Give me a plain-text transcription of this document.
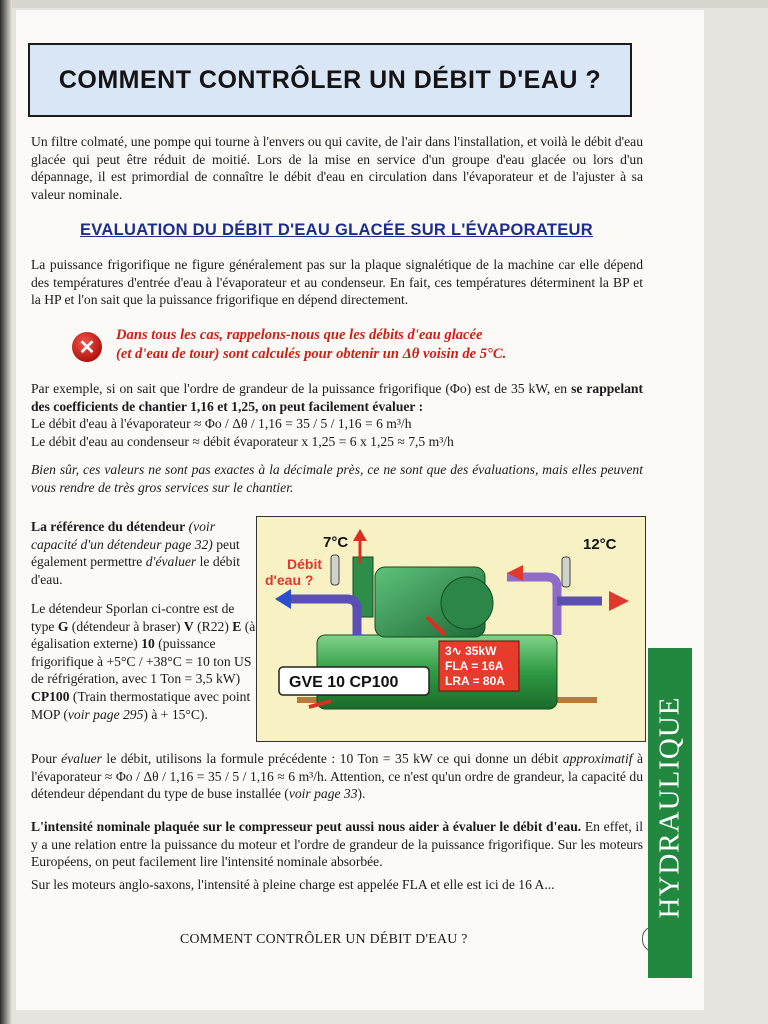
COMMENT CONTRÔLER UN DÉBIT D'EAU ?
Un filtre colmaté, une pompe qui tourne à l'envers ou qui cavite, de l'air dans l'installation, et voilà le débit d'eau glacée qui peut être réduit de moitié. Lors de la mise en service d'un groupe d'eau glacée ou lors d'un dépannage, il est primordial de connaître le débit d'eau en circulation dans l'évaporateur et de l'ajuster à sa valeur nominale.
EVALUATION DU DÉBIT D'EAU GLACÉE SUR L'ÉVAPORATEUR
La puissance frigorifique ne figure généralement pas sur la plaque signalétique de la machine car elle dépend des températures d'entrée d'eau à l'évaporateur et au condenseur. En fait, ces températures déterminent la BP et la HP et l'on sait que la puissance frigorifique en dépend directement.
✕
Dans tous les cas, rappelons-nous que les débits d'eau glacée
(et d'eau de tour) sont calculés pour obtenir un Δθ voisin de 5°C.
Par exemple, si on sait que l'ordre de grandeur de la puissance frigorifique (Φo) est de 35 kW, en se rappelant des coefficients de chantier 1,16 et 1,25, on peut facilement évaluer :
Le débit d'eau à l'évaporateur ≈ Φo / Δθ / 1,16 = 35 / 5 / 1,16 = 6 m³/h
Le débit d'eau au condenseur ≈ débit évaporateur x 1,25 = 6 x 1,25 ≈ 7,5 m³/h
Bien sûr, ces valeurs ne sont pas exactes à la décimale près, ce ne sont que des évaluations, mais elles peuvent vous rendre de très gros services sur le chantier.
La référence du détendeur (voir capacité d'un détendeur page 32) peut également permettre d'évaluer le débit d'eau.
Le détendeur Sporlan ci-contre est de type G (détendeur à braser) V (R22) E (à égalisation externe) 10 (puissance frigorifique à +5°C / +38°C = 10 ton US de réfrigération, avec 1 Ton = 3,5 kW) CP100 (Train thermostatique avec point MOP (voir page 295) à + 15°C).
3∿ 35kW
FLA = 16A
LRA = 80A
GVE 10 CP100
7°C	12°C
Débit
d'eau ?
Pour évaluer le débit, utilisons la formule précédente : 10 Ton = 35 kW ce qui donne un débit approximatif à l'évaporateur ≈ Φo / Δθ / 1,16 = 35 / 5 / 1,16 ≈ 6 m³/h. Attention, ce n'est qu'un ordre de grandeur, la capacité du détendeur dépendant du type de buse installée (voir page 33).
L'intensité nominale plaquée sur le compresseur peut aussi nous aider à évaluer le débit d'eau. En effet, il y a une relation entre la puissance du moteur et l'ordre de grandeur de la puissance frigorifique. Sur les moteurs Européens, on peut facilement lire l'intensité nominale absorbée.
Sur les moteurs anglo-saxons, l'intensité à pleine charge est appelée FLA et elle est ici de 16 A...
COMMENT CONTRÔLER UN DÉBIT D'EAU ?
HYDRAULIQUE
